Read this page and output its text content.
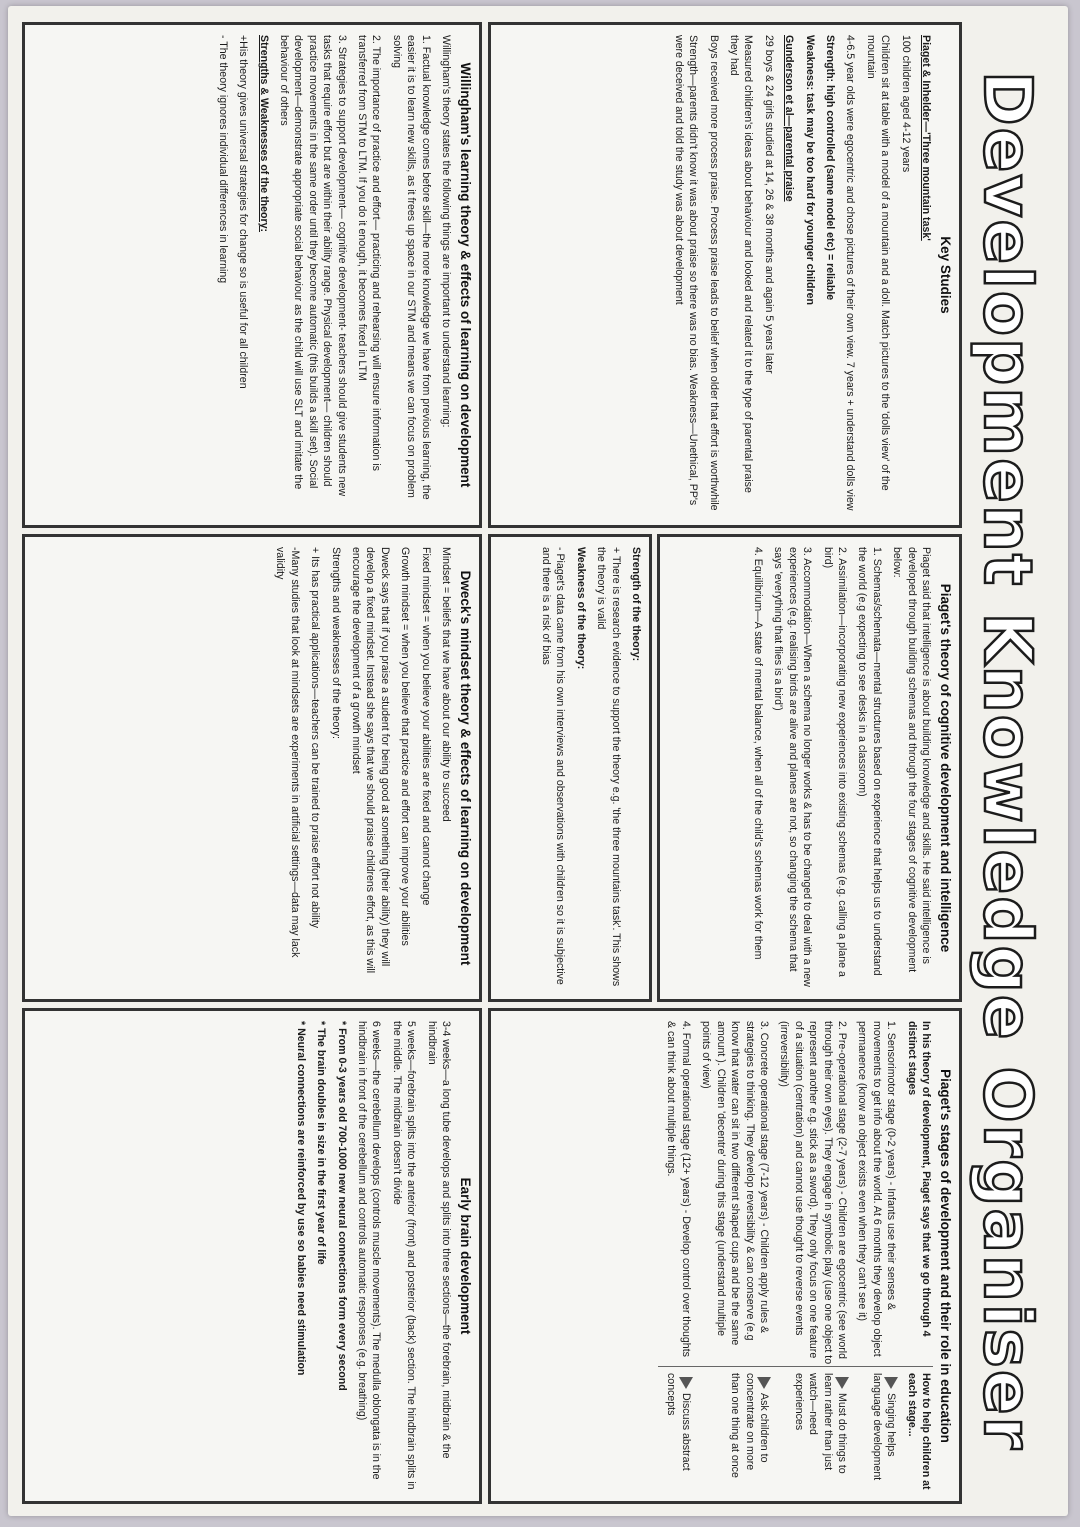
Development Knowledge Organiser
Key Studies

Piaget & Inhelder—'Three mountain task'

100 children aged 4-12 years

Children sit at table with a model of a mountain and a doll. Match pictures to the 'dolls view' of the mountain

4-6.5 year olds were egocentric and chose pictures of their own view. 7 years + understand dolls view

Strength: high controlled (same model etc) = reliable

Weakness: task may be too hard for younger children

Gunderson et al—parental praise

29 boys & 24 girls studied at 14, 26 & 38 months and again 5 years later

Measured children's ideas about behaviour and looked and related it to the type of parental praise they had

Boys received more process praise. Process praise leads to belief when older that effort is worthwhile

Strength—parents didn't know it was about praise so there was no bias. Weakness—Unethical, PP's were deceived and told the study was about development

Piaget's theory of cognitive development and intelligence

Piaget said that intelligence is about building knowledge and skills. He said intelligence is developed through building schemas and through the four stages of cognitive development below:

1. Schemas/schemata—mental structures based on experience that helps us to understand the world (e.g expecting to see desks in a classroom)

2. Assimilation—incorporating new experiences into existing schemas (e.g. calling a plane a bird)

3. Accommodation—When a schema no longer works & has to be changed to deal with a new experiences (e.g. realising birds are alive and planes are not, so changing the schema that says 'everything that flies is a bird')

4. Equilibrium—A state of mental balance, when all of the child's schemas work for them

Strength of the theory:

+ There is research evidence to support the theory e.g. 'the three mountains task'. This shows the theory is valid

Weakness of the theory:

- Piaget's data came from his own interviews and observations with children so it is subjective and there is a risk of bias

Piaget's stages of development and their role in education

In his theory of development, Piaget says that we go through 4 distinct stages

How to help children at each stage...

1. Sensorimotor stage (0-2 years) - Infants use their senses & movements to get info about the world. At 6 months they develop object permanence (know an object exists even when they can't see it)

Singing helps language development

2. Pre-operational stage (2-7 years) - Children are egocentric (see world through their own eyes). They engage in symbolic play (use one object to represent another e.g. stick as a sword). They only focus on one feature of a situation (centration) and cannot use thought to reverse events (irreversibility)

Must do things to learn rather than just watch—need experiences

3. Concrete operational stage (7-12 years) - Children apply rules & strategies to thinking. They develop reversibility & can conserve (e.g know that water can sit in two different shaped cups and be the same amount ). Children 'decentre' during this stage (understand multiple points of view)

Ask children to concentrate on more than one thing at once

4. Formal operational stage (12+ years) - Develop control over thoughts & can think about multiple things.

Discuss abstract concepts
Willingham's learning theory & effects of learning on development

Willingham's theory states the following things are important to understand learning:

1. Factual knowledge comes before skill—the more knowledge we have from previous learning, the easier it is to learn new skills, as it frees up space in our STM and means we can focus on problem solving

2. The importance of practice and effort— practicing and rehearsing will ensure information is transferred from STM to LTM. If you do it enough, it becomes fixed in LTM

3. Strategies to support development— cognitive development- teachers should give students new tasks that require effort but are within their ability range. Physical development— children should practice movements in the same order until they become automatic (this builds a skill set). Social development—demonstrate appropriate social behaviour as the child will use SLT and imitate the behaviour of others

Strengths & Weaknesses of the theory:

+His theory gives universal strategies for change so is useful for all children

- The theory ignores individual differences in learning

Dweck's mindset theory & effects of learning on development

Mindset = beliefs that we have about our ability to succeed

Fixed mindset = when you believe your abilities are fixed and cannot change

Growth mindset = when you believe that practice and effort can improve your abilities

Dweck says that if you praise a student for being good at something (their ability) they will develop a fixed mindset. Instead she says that we should praise childrens effort, as this will encourage the development of a growth mindset

Strengths and weaknesses of the theory:

+ Its has practical applications—teachers can be trained to praise effort not ability

-Many studies that look at mindsets are experiments in artificial settings—data may lack validity

Early brain development

3-4 weeks—a long tube develops and splits into three sections—the forebrain, midbrain & the hindbrain

5 weeks—forebrain splits into the anterior (front) and posterior (back) section. The hindbrain splits in the middle. The midbrain doesn't divide

6 weeks—the cerebellum develops (controls muscle movements). The medulla oblongata is in the hindbrain in front of the cerebellum and controls automatic responses (e.g. breathing)

* From 0-3 years old 700-1000 new neural connections form every second

* The brain doubles in size in the first year of life

* Neural connections are reinforced by use so babies need stimulation
